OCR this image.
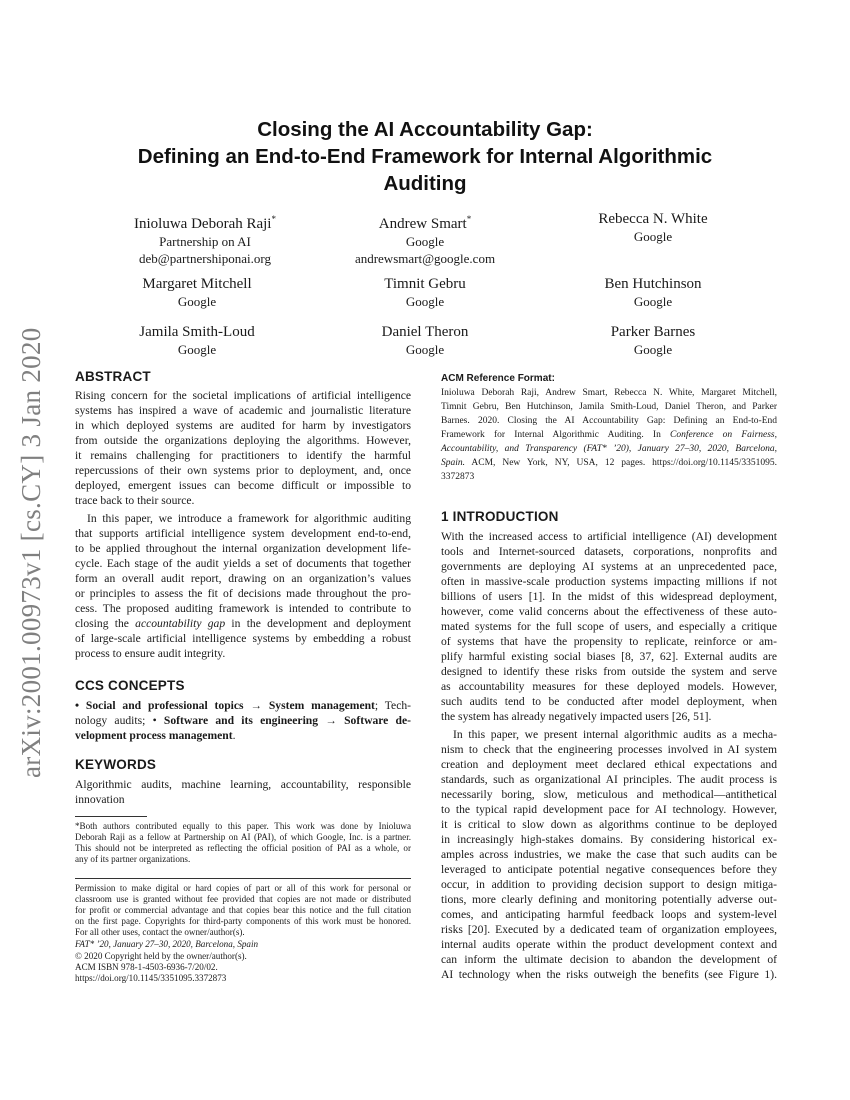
arXiv:2001.00973v1 [cs.CY] 3 Jan 2020
Closing the AI Accountability Gap:
Defining an End-to-End Framework for Internal Algorithmic
Auditing
Inioluwa Deborah Raji*
Partnership on AI
deb@partnershiponai.org
Andrew Smart*
Google
andrewsmart@google.com
Rebecca N. White
Google
Margaret Mitchell
Google
Timnit Gebru
Google
Ben Hutchinson
Google
Jamila Smith-Loud
Google
Daniel Theron
Google
Parker Barnes
Google
ABSTRACT
Rising concern for the societal implications of artificial intelligence
systems has inspired a wave of academic and journalistic literature
in which deployed systems are audited for harm by investigators
from outside the organizations deploying the algorithms. However,
it remains challenging for practitioners to identify the harmful
repercussions of their own systems prior to deployment, and, once
deployed, emergent issues can become difficult or impossible to
trace back to their source.
In this paper, we introduce a framework for algorithmic auditing
that supports artificial intelligence system development end-to-end,
to be applied throughout the internal organization development life-
cycle. Each stage of the audit yields a set of documents that together
form an overall audit report, drawing on an organization’s values
or principles to assess the fit of decisions made throughout the pro-
cess. The proposed auditing framework is intended to contribute to
closing the accountability gap in the development and deployment
of large-scale artificial intelligence systems by embedding a robust
process to ensure audit integrity.
CCS CONCEPTS
• Social and professional topics → System management; Tech-
nology audits; • Software and its engineering → Software de-
velopment process management.
KEYWORDS
Algorithmic audits, machine learning, accountability, responsible
innovation
*Both authors contributed equally to this paper. This work was done by Inioluwa
Deborah Raji as a fellow at Partnership on AI (PAI), of which Google, Inc. is a partner.
This should not be interpreted as reflecting the official position of PAI as a whole, or
any of its partner organizations.
Permission to make digital or hard copies of part or all of this work for personal or
classroom use is granted without fee provided that copies are not made or distributed
for profit or commercial advantage and that copies bear this notice and the full citation
on the first page. Copyrights for third-party components of this work must be honored.
For all other uses, contact the owner/author(s).
FAT* ’20, January 27–30, 2020, Barcelona, Spain
© 2020 Copyright held by the owner/author(s).
ACM ISBN 978-1-4503-6936-7/20/02.
https://doi.org/10.1145/3351095.3372873
ACM Reference Format:
Inioluwa Deborah Raji, Andrew Smart, Rebecca N. White, Margaret Mitchell,
Timnit Gebru, Ben Hutchinson, Jamila Smith-Loud, Daniel Theron, and Parker
Barnes. 2020. Closing the AI Accountability Gap: Defining an End-to-End
Framework for Internal Algorithmic Auditing. In Conference on Fairness,
Accountability, and Transparency (FAT* ’20), January 27–30, 2020, Barcelona,
Spain. ACM, New York, NY, USA, 12 pages. https://doi.org/10.1145/3351095.
3372873
1 INTRODUCTION
With the increased access to artificial intelligence (AI) development
tools and Internet-sourced datasets, corporations, nonprofits and
governments are deploying AI systems at an unprecedented pace,
often in massive-scale production systems impacting millions if not
billions of users [1]. In the midst of this widespread deployment,
however, come valid concerns about the effectiveness of these auto-
mated systems for the full scope of users, and especially a critique
of systems that have the propensity to replicate, reinforce or am-
plify harmful existing social biases [8, 37, 62]. External audits are
designed to identify these risks from outside the system and serve
as accountability measures for these deployed models. However,
such audits tend to be conducted after model deployment, when
the system has already negatively impacted users [26, 51].
In this paper, we present internal algorithmic audits as a mecha-
nism to check that the engineering processes involved in AI system
creation and deployment meet declared ethical expectations and
standards, such as organizational AI principles. The audit process is
necessarily boring, slow, meticulous and methodical—antithetical
to the typical rapid development pace for AI technology. However,
it is critical to slow down as algorithms continue to be deployed
in increasingly high-stakes domains. By considering historical ex-
amples across industries, we make the case that such audits can be
leveraged to anticipate potential negative consequences before they
occur, in addition to providing decision support to design mitiga-
tions, more clearly defining and monitoring potentially adverse out-
comes, and anticipating harmful feedback loops and system-level
risks [20]. Executed by a dedicated team of organization employees,
internal audits operate within the product development context and
can inform the ultimate decision to abandon the development of
AI technology when the risks outweigh the benefits (see Figure 1).
